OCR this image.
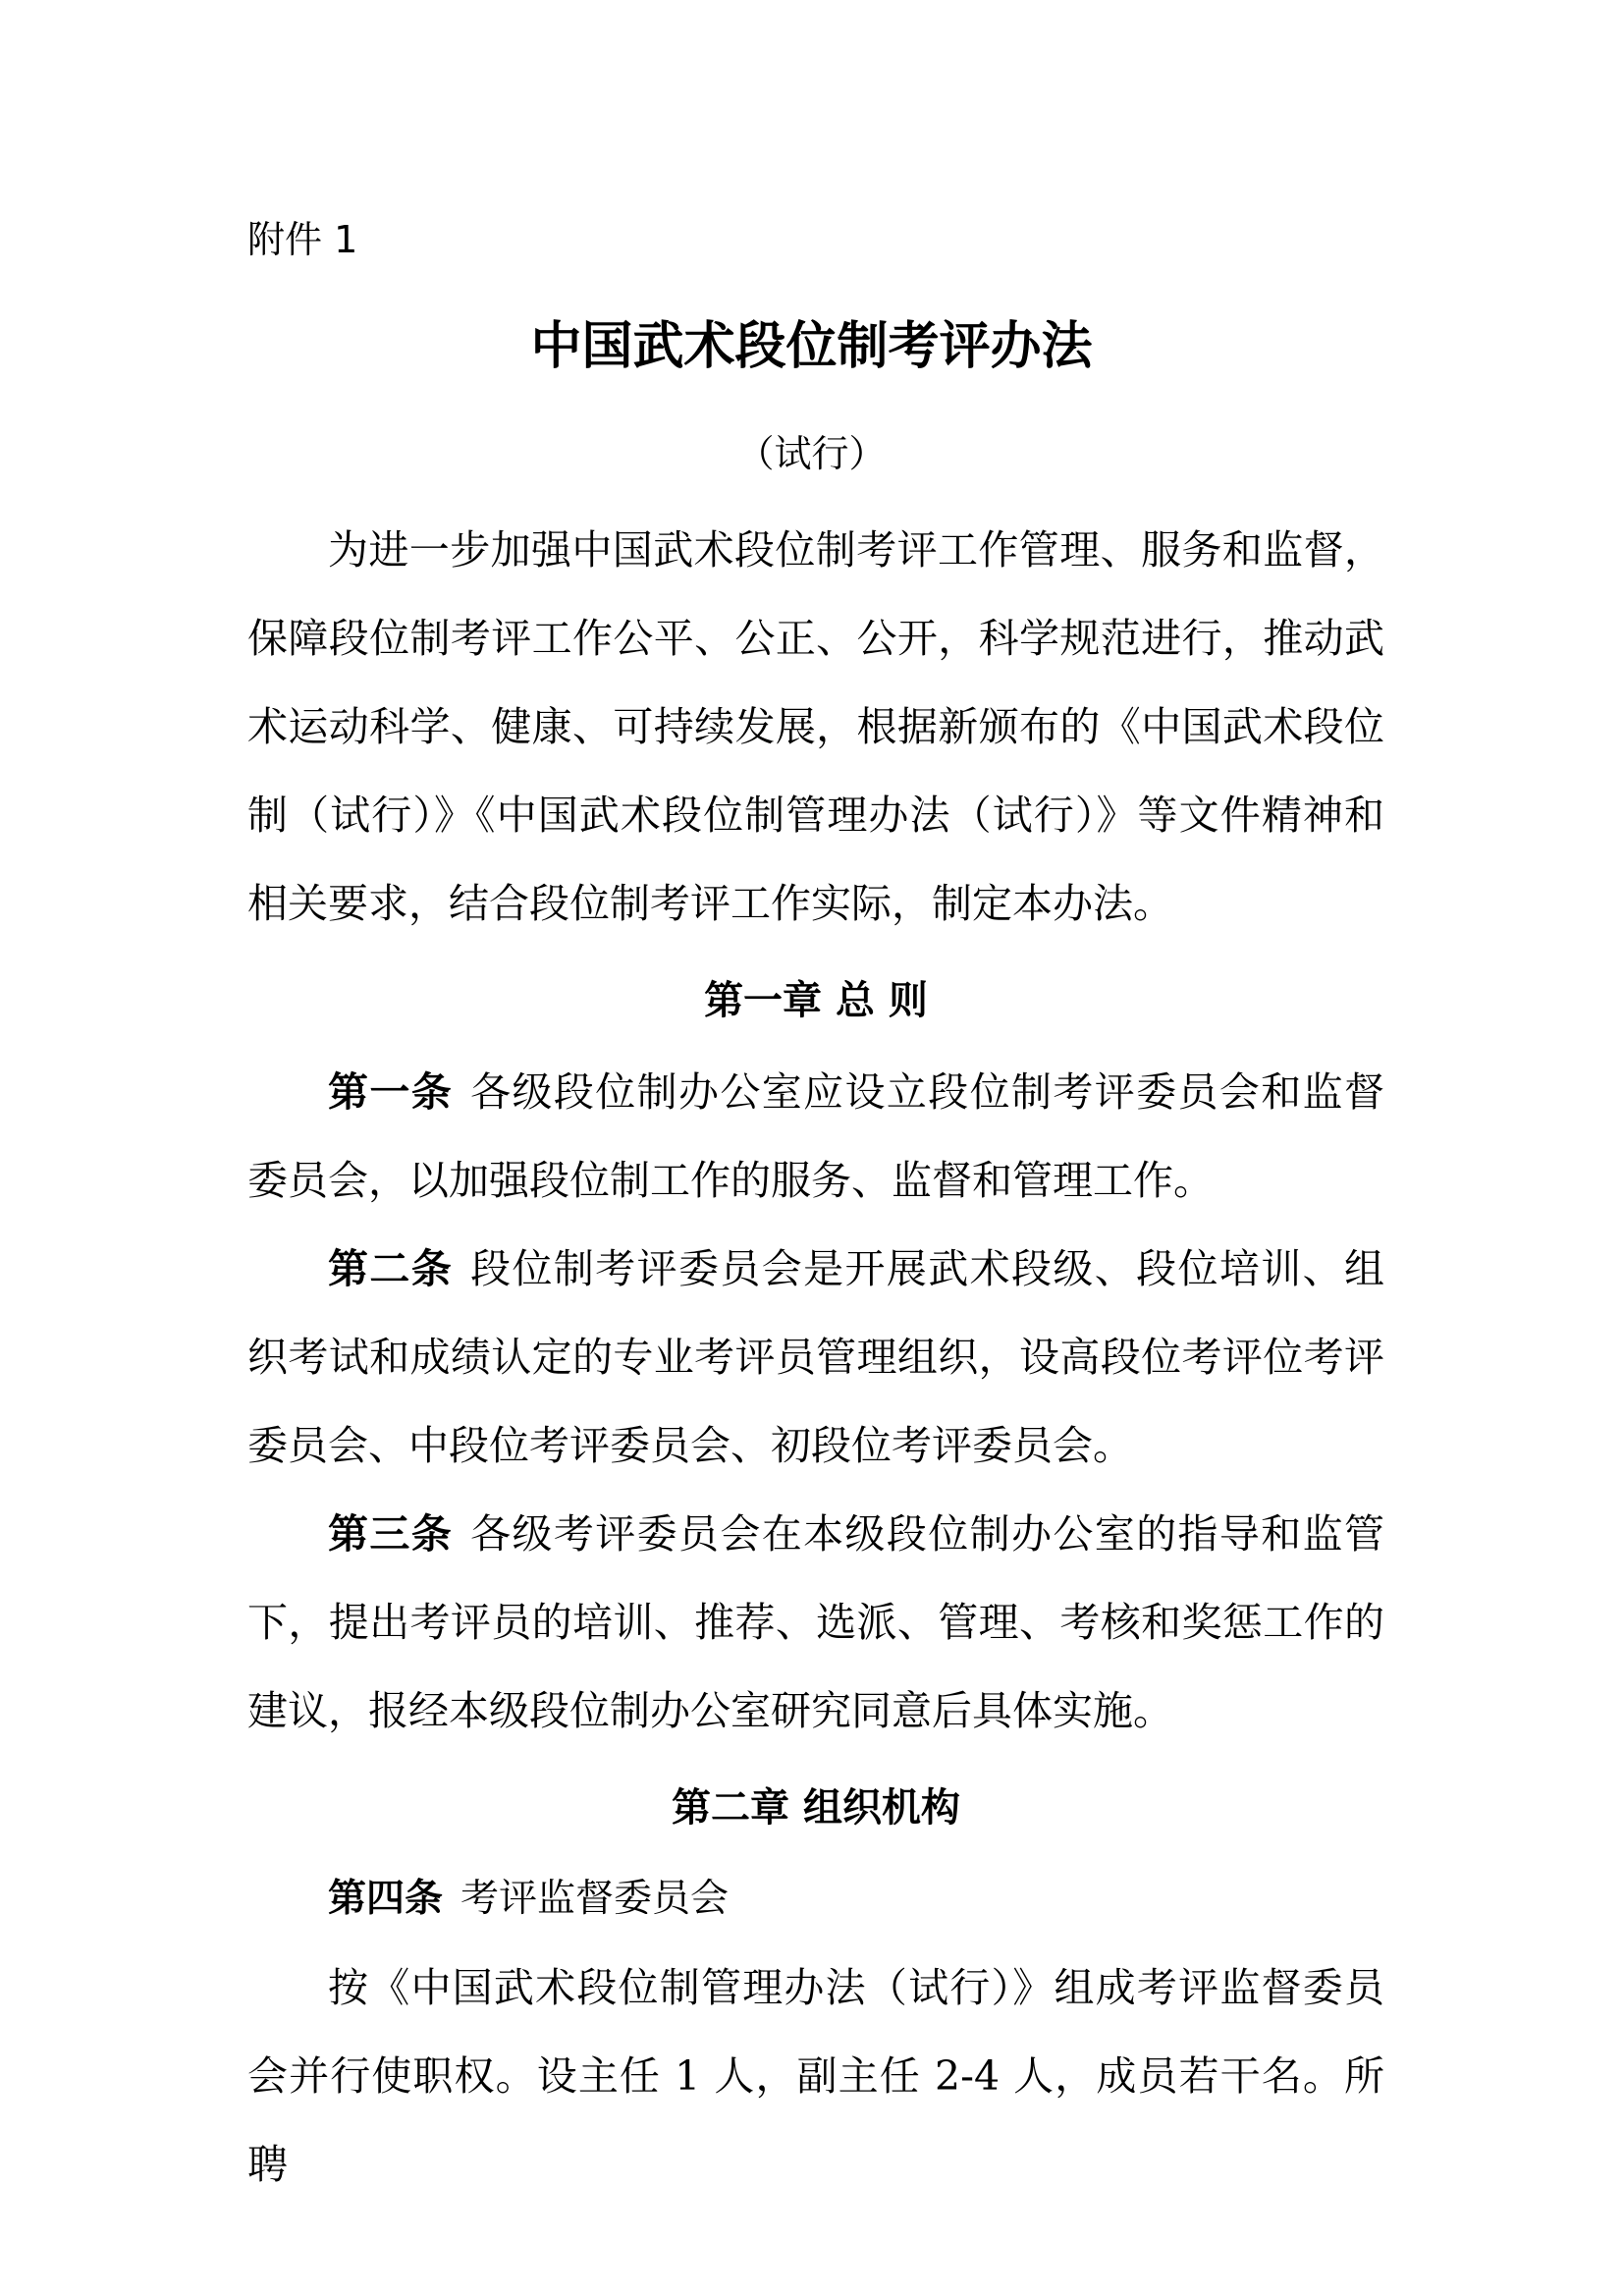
附件 1
中国武术段位制考评办法
（试行）

为进一步加强中国武术段位制考评工作管理、服务和监督，保障段位制考评工作公平、公正、公开，科学规范进行，推动武术运动科学、健康、可持续发展，根据新颁布的《中国武术段位制（试行）》《中国武术段位制管理办法（试行）》等文件精神和相关要求，结合段位制考评工作实际，制定本办法。

第一章 总 则

第一条 各级段位制办公室应设立段位制考评委员会和监督委员会，以加强段位制工作的服务、监督和管理工作。

第二条 段位制考评委员会是开展武术段级、段位培训、组织考试和成绩认定的专业考评员管理组织，设高段位考评位考评委员会、中段位考评委员会、初段位考评委员会。

第三条 各级考评委员会在本级段位制办公室的指导和监管下，提出考评员的培训、推荐、选派、管理、考核和奖惩工作的建议，报经本级段位制办公室研究同意后具体实施。

第二章 组织机构

第四条 考评监督委员会

按《中国武术段位制管理办法（试行）》组成考评监督委员会并行使职权。设主任 1 人，副主任 2-4 人，成员若干名。所聘
